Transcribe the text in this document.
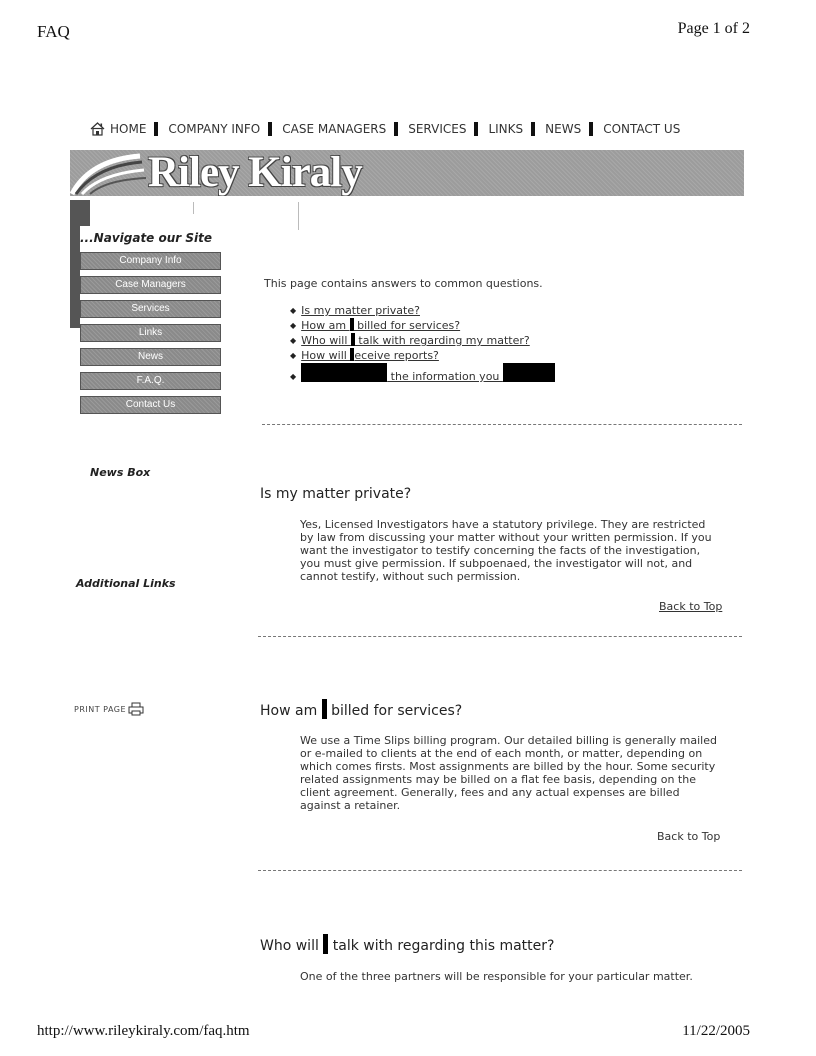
FAQ	Page 1 of 2
http://www.rileykiraly.com/faq.htm	11/22/2005
HOME COMPANY INFO CASE MANAGERS SERVICES LINKS NEWS CONTACT US
Riley Kiraly
...Navigate our Site
Company Info
Case Managers
Services
Links
News
F.A.Q.
Contact Us
News Box
Additional Links
PRINT PAGE
This page contains answers to common questions.
◆ Is my matter private?
◆ How am  billed for services?
◆ Who will  talk with regarding my matter?
◆ How will eceive reports?
◆	the information you
Is my matter private?

Yes, Licensed Investigators have a statutory privilege. They are restricted by law from discussing your matter without your written permission. If you want the investigator to testify concerning the facts of the investigation, you must give permission. If subpoenaed, the investigator will not, and cannot testify, without such permission.

Back to Top
How am  billed for services?

We use a Time Slips billing program. Our detailed billing is generally mailed or e-mailed to clients at the end of each month, or matter, depending on which comes firsts. Most assignments are billed by the hour. Some security related assignments may be billed on a flat fee basis, depending on the client agreement. Generally, fees and any actual expenses are billed against a retainer.

Back to Top
Who will  talk with regarding this matter?

One of the three partners will be responsible for your particular matter.
